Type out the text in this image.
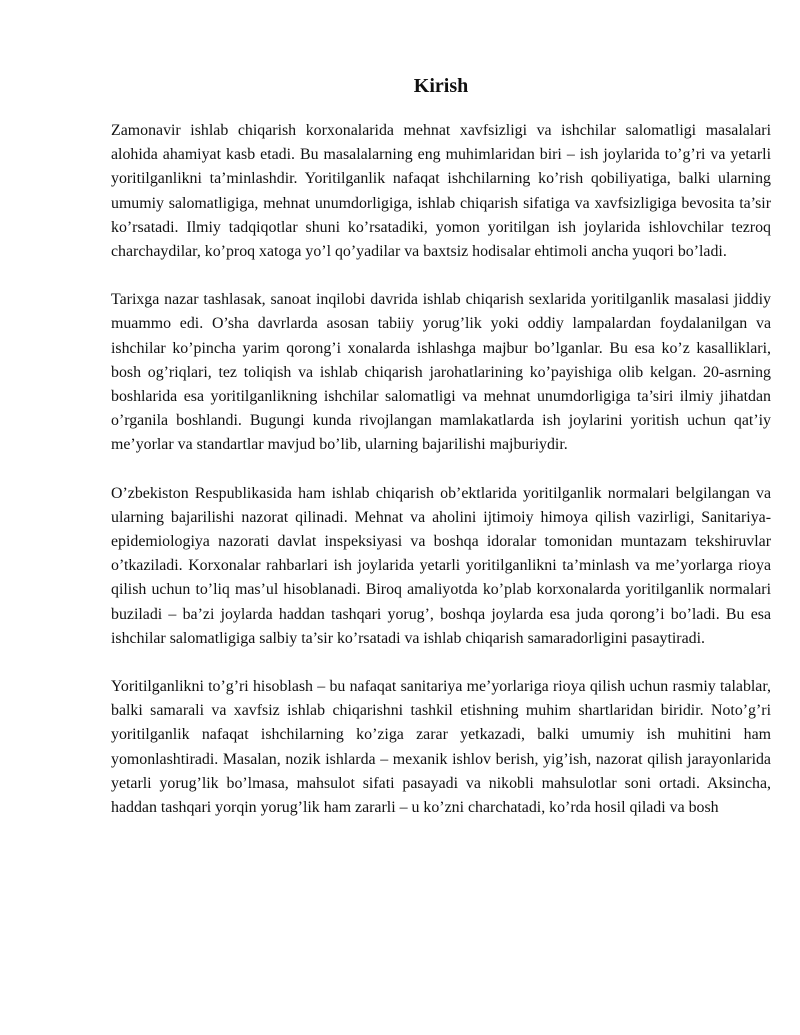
Kirish

Zamonavir ishlab chiqarish korxonalarida mehnat xavfsizligi va ishchilar salomatligi masalalari alohida ahamiyat kasb etadi. Bu masalalarning eng muhimlaridan biri – ish joylarida to’g’ri va yetarli yoritilganlikni ta’minlashdir. Yoritilganlik nafaqat ishchilarning ko’rish qobiliyatiga, balki ularning umumiy salomatligiga, mehnat unumdorligiga, ishlab chiqarish sifatiga va xavfsizligiga bevosita ta’sir ko’rsatadi. Ilmiy tadqiqotlar shuni ko’rsatadiki, yomon yoritilgan ish joylarida ishlovchilar tezroq charchaydilar, ko’proq xatoga yo’l qo’yadilar va baxtsiz hodisalar ehtimoli ancha yuqori bo’ladi.

Tarixga nazar tashlasak, sanoat inqilobi davrida ishlab chiqarish sexlarida yoritilganlik masalasi jiddiy muammo edi. O’sha davrlarda asosan tabiiy yorug’lik yoki oddiy lampalardan foydalanilgan va ishchilar ko’pincha yarim qorong’i xonalarda ishlashga majbur bo’lganlar. Bu esa ko’z kasalliklari, bosh og’riqlari, tez toliqish va ishlab chiqarish jarohatlarining ko’payishiga olib kelgan. 20-asrning boshlarida esa yoritilganlikning ishchilar salomatligi va mehnat unumdorligiga ta’siri ilmiy jihatdan o’rganila boshlandi. Bugungi kunda rivojlangan mamlakatlarda ish joylarini yoritish uchun qat’iy me’yorlar va standartlar mavjud bo’lib, ularning bajarilishi majburiydir.

O’zbekiston Respublikasida ham ishlab chiqarish ob’ektlarida yoritilganlik normalari belgilangan va ularning bajarilishi nazorat qilinadi. Mehnat va aholini ijtimoiy himoya qilish vazirligi, Sanitariya-epidemiologiya nazorati davlat inspeksiyasi va boshqa idoralar tomonidan muntazam tekshiruvlar o’tkaziladi. Korxonalar rahbarlari ish joylarida yetarli yoritilganlikni ta’minlash va me’yorlarga rioya qilish uchun to’liq mas’ul hisoblanadi. Biroq amaliyotda ko’plab korxonalarda yoritilganlik normalari buziladi – ba’zi joylarda haddan tashqari yorug’, boshqa joylarda esa juda qorong’i bo’ladi. Bu esa ishchilar salomatligiga salbiy ta’sir ko’rsatadi va ishlab chiqarish samaradorligini pasaytiradi.

Yoritilganlikni to’g’ri hisoblash – bu nafaqat sanitariya me’yorlariga rioya qilish uchun rasmiy talablar, balki samarali va xavfsiz ishlab chiqarishni tashkil etishning muhim shartlaridan biridir. Noto’g’ri yoritilganlik nafaqat ishchilarning ko’ziga zarar yetkazadi, balki umumiy ish muhitini ham yomonlashtiradi. Masalan, nozik ishlarda – mexanik ishlov berish, yig’ish, nazorat qilish jarayonlarida yetarli yorug’lik bo’lmasa, mahsulot sifati pasayadi va nikobli mahsulotlar soni ortadi. Aksincha, haddan tashqari yorqin yorug’lik ham zararli – u ko’zni charchatadi, ko’rda hosil qiladi va bosh
